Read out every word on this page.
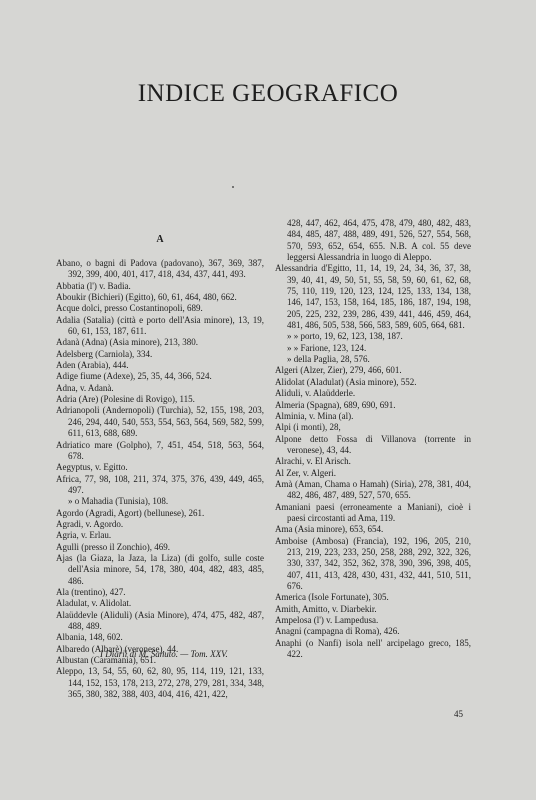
INDICE GEOGRAFICO
A
Abano, o bagni di Padova (padovano), 367, 369, 387, 392, 399, 400, 401, 417, 418, 434, 437, 441, 493.
Abbatia (l') v. Badia.
Aboukir (Bichieri) (Egitto), 60, 61, 464, 480, 662.
Acque dolci, presso Costantinopoli, 689.
Adalia (Satalia) (città e porto dell'Asia minore), 13, 19, 60, 61, 153, 187, 611.
Adanà (Adna) (Asia minore), 213, 380.
Adelsberg (Carniola), 334.
Aden (Arabia), 444.
Adige fiume (Adexe), 25, 35, 44, 366, 524.
Adna, v. Adanà.
Adria (Are) (Polesine di Rovigo), 115.
Adrianopoli (Andernopoli) (Turchia), 52, 155, 198, 203, 246, 294, 440, 540, 553, 554, 563, 564, 569, 582, 599, 611, 613, 688, 689.
Adriatico mare (Golpho), 7, 451, 454, 518, 563, 564, 678.
Aegyptus, v. Egitto.
Africa, 77, 98, 108, 211, 374, 375, 376, 439, 449, 465, 497.
» o Mahadia (Tunisia), 108.
Agordo (Agradi, Agort) (bellunese), 261.
Agradi, v. Agordo.
Agria, v. Erlau.
Agulli (presso il Zonchio), 469.
Ajas (la Giaza, la Jaza, la Liza) (di golfo, sulle coste dell'Asia minore, 54, 178, 380, 404, 482, 483, 485, 486.
Ala (trentino), 427.
Aladulat, v. Alidolat.
Alaüddevle (Aliduli) (Asia Minore), 474, 475, 482, 487, 488, 489.
Albania, 148, 602.
Albaredo (Albarè) (veronese), 44.
Albustan (Caramania), 651.
Aleppo, 13, 54, 55, 60, 62, 80, 95, 114, 119, 121, 133, 144, 152, 153, 178, 213, 272, 278, 279, 281, 334, 348, 365, 380, 382, 388, 403, 404, 416, 421, 422,
428, 447, 462, 464, 475, 478, 479, 480, 482, 483, 484, 485, 487, 488, 489, 491, 526, 527, 554, 568, 570, 593, 652, 654, 655. N.B. A col. 55 deve leggersi Alessandria in luogo di Aleppo.
Alessandria d'Egitto, 11, 14, 19, 24, 34, 36, 37, 38, 39, 40, 41, 49, 50, 51, 55, 58, 59, 60, 61, 62, 68, 75, 110, 119, 120, 123, 124, 125, 133, 134, 138, 146, 147, 153, 158, 164, 185, 186, 187, 194, 198, 205, 225, 232, 239, 286, 439, 441, 446, 459, 464, 481, 486, 505, 538, 566, 583, 589, 605, 664, 681.
» » porto, 19, 62, 123, 138, 187.
» » Farione, 123, 124.
» della Paglia, 28, 576.
Algeri (Alzer, Zier), 279, 466, 601.
Alidolat (Aladulat) (Asia minore), 552.
Aliduli, v. Alaüdderle.
Almeria (Spagna), 689, 690, 691.
Alminia, v. Mina (al).
Alpi (i monti), 28,
Alpone detto Fossa di Villanova (torrente in veronese), 43, 44.
Alrachi, v. El Arisch.
Al Zer, v. Algeri.
Amà (Aman, Chama o Hamah) (Siria), 278, 381, 404, 482, 486, 487, 489, 527, 570, 655.
Amaniani paesi (erroneamente a Maniani), cioè i paesi circostanti ad Ama, 119.
Ama (Asia minore), 653, 654.
Amboise (Ambosa) (Francia), 192, 196, 205, 210, 213, 219, 223, 233, 250, 258, 288, 292, 322, 326, 330, 337, 342, 352, 362, 378, 390, 396, 398, 405, 407, 411, 413, 428, 430, 431, 432, 441, 510, 511, 676.
America (Isole Fortunate), 305.
Amith, Amitto, v. Diarbekir.
Ampelosa (l') v. Lampedusa.
Anagni (campagna di Roma), 426.
Anaphi (o Nanfi) isola nell' arcipelago greco, 185, 422.
I Diarii di M. Sanuto. — Tom. XXV.
45
